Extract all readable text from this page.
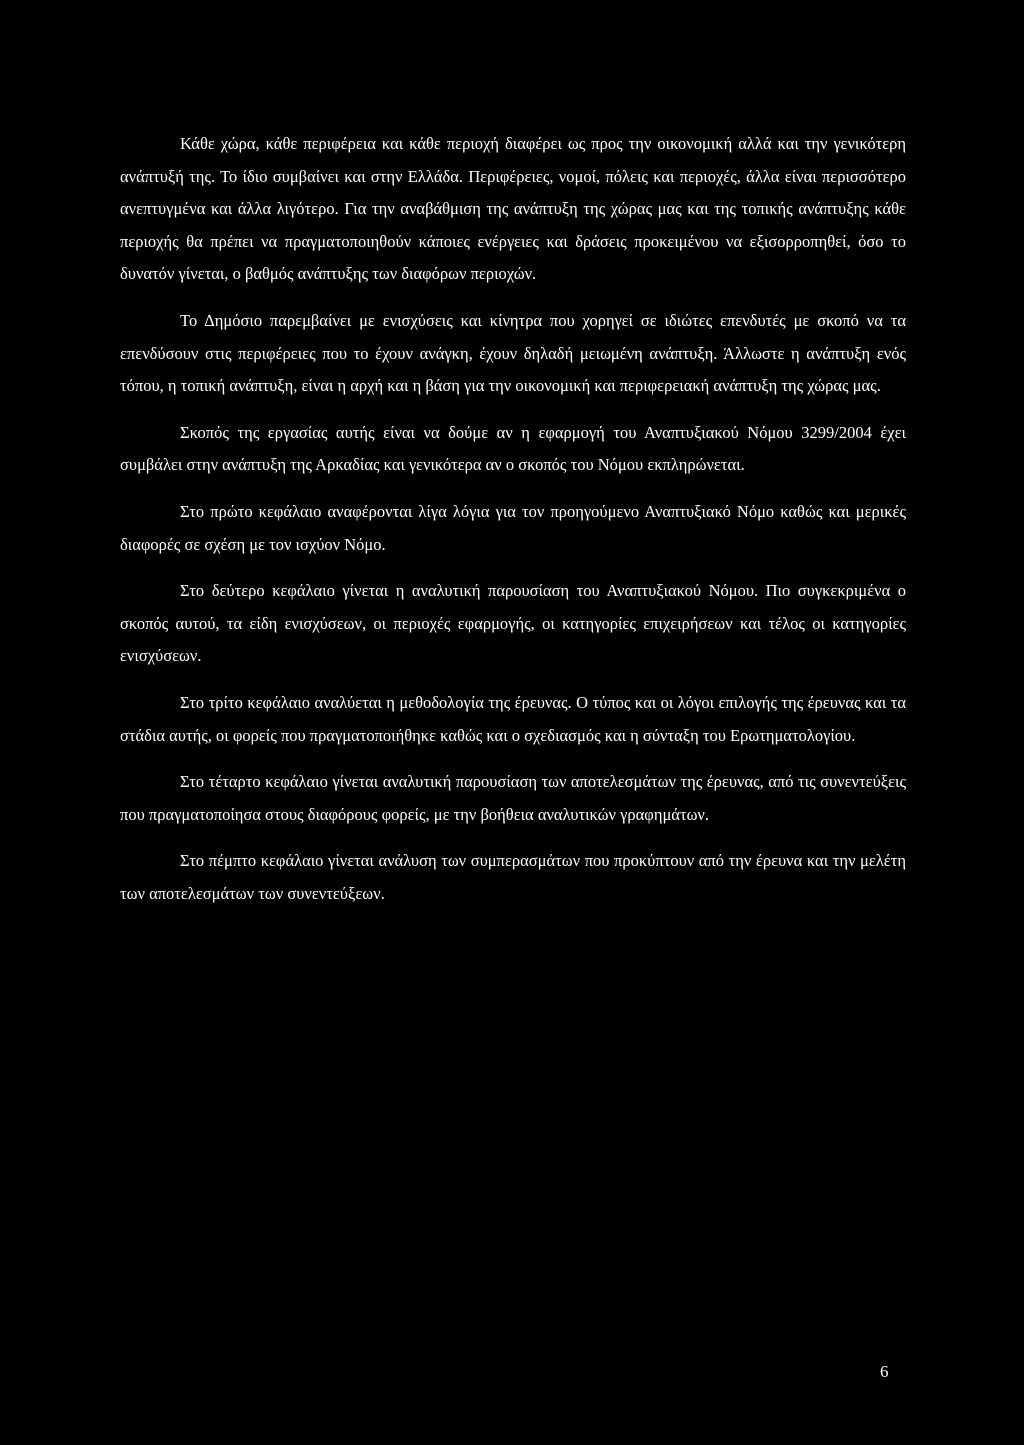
Κάθε χώρα, κάθε περιφέρεια και κάθε περιοχή διαφέρει ως προς την οικονομική αλλά και την γενικότερη ανάπτυξή της. Το ίδιο συμβαίνει και στην Ελλάδα. Περιφέρειες, νομοί, πόλεις και περιοχές, άλλα είναι περισσότερο ανεπτυγμένα και άλλα λιγότερο. Για την αναβάθμιση της ανάπτυξη της χώρας μας και της τοπικής ανάπτυξης κάθε περιοχής θα πρέπει να πραγματοποιηθούν κάποιες ενέργειες και δράσεις προκειμένου να εξισορροπηθεί, όσο το δυνατόν γίνεται, ο βαθμός ανάπτυξης των διαφόρων περιοχών.

Το Δημόσιο παρεμβαίνει με ενισχύσεις και κίνητρα που χορηγεί σε ιδιώτες επενδυτές με σκοπό να τα επενδύσουν στις περιφέρειες που το έχουν ανάγκη, έχουν δηλαδή μειωμένη ανάπτυξη. Άλλωστε η ανάπτυξη ενός τόπου, η τοπική ανάπτυξη, είναι η αρχή και η βάση για την οικονομική και περιφερειακή ανάπτυξη της χώρας μας.

Σκοπός της εργασίας αυτής είναι να δούμε αν η εφαρμογή του Αναπτυξιακού Νόμου 3299/2004 έχει συμβάλει στην ανάπτυξη της Αρκαδίας και γενικότερα αν ο σκοπός του Νόμου εκπληρώνεται.

Στο πρώτο κεφάλαιο αναφέρονται λίγα λόγια για τον προηγούμενο Αναπτυξιακό Νόμο καθώς και μερικές διαφορές σε σχέση με τον ισχύον Νόμο.

Στο δεύτερο κεφάλαιο γίνεται η αναλυτική παρουσίαση του Αναπτυξιακού Νόμου. Πιο συγκεκριμένα ο σκοπός αυτού, τα είδη ενισχύσεων, οι περιοχές εφαρμογής, οι κατηγορίες επιχειρήσεων και τέλος οι κατηγορίες ενισχύσεων.

Στο τρίτο κεφάλαιο αναλύεται η μεθοδολογία της έρευνας. Ο τύπος και οι λόγοι επιλογής της έρευνας και τα στάδια αυτής, οι φορείς που πραγματοποιήθηκε καθώς και ο σχεδιασμός και η σύνταξη του Ερωτηματολογίου.

Στο τέταρτο κεφάλαιο γίνεται αναλυτική παρουσίαση των αποτελεσμάτων της έρευνας, από τις συνεντεύξεις που πραγματοποίησα στους διαφόρους φορείς, με την βοήθεια αναλυτικών γραφημάτων.

Στο πέμπτο κεφάλαιο γίνεται ανάλυση των συμπερασμάτων που προκύπτουν από την έρευνα και την μελέτη των αποτελεσμάτων των συνεντεύξεων.

6
